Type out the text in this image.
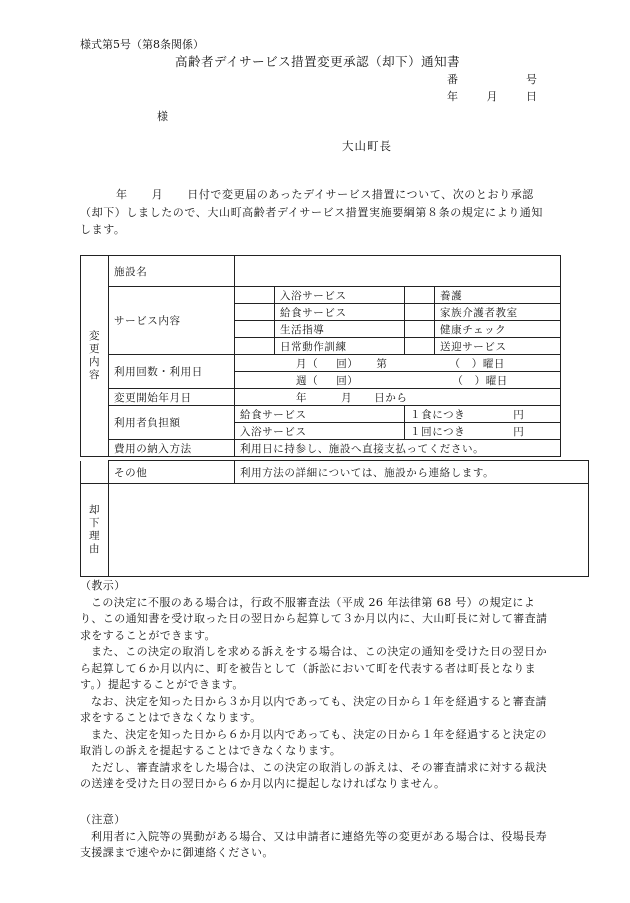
様式第5号（第8条関係）
高齢者デイサービス措置変更承認（却下）通知書
番	号
年	月	日
様
大山町長
年 月 日付で変更届のあったデイサービス措置について、次のとおり承認（却下）しましたので、大山町高齢者デイサービス措置実施要綱第８条の規定により通知します。
変更内容	施設名				
	サービス内容		入浴サービス		養護
			給食サービス		家族介護者教室
			生活指導		健康チェック
			日常動作訓練		送迎サービス
	利用回数・利用日	月（ 回） 第 （　）曜日			
		週（ 回） （　）曜日			
	変更開始年月日	年 月 日から			
	利用者負担額	給食サービス		１食につき 円	
		入浴サービス		１回につき 円	
	費用の納入方法	利用日に持参し、施設へ直接支払ってください。			

	その他	利用方法の詳細については、施設から連絡します。
却下理由		

（教示）

この決定に不服のある場合は，行政不服審査法（平成 26 年法律第 68 号）の規定により、この通知書を受け取った日の翌日から起算して３か月以内に、大山町長に対して審査請求をすることができます。

また、この決定の取消しを求める訴えをする場合は、この決定の通知を受けた日の翌日から起算して６か月以内に、町を被告として（訴訟において町を代表する者は町長となります。）提起することができます。

なお、決定を知った日から３か月以内であっても、決定の日から１年を経過すると審査請求をすることはできなくなります。

また、決定を知った日から６か月以内であっても、決定の日から１年を経過すると決定の取消しの訴えを提起することはできなくなります。

ただし、審査請求をした場合は、この決定の取消しの訴えは、その審査請求に対する裁決の送達を受けた日の翌日から６か月以内に提起しなければなりません。

（注意）

利用者に入院等の異動がある場合、又は申請者に連絡先等の変更がある場合は、役場長寿支援課まで速やかに御連絡ください。
